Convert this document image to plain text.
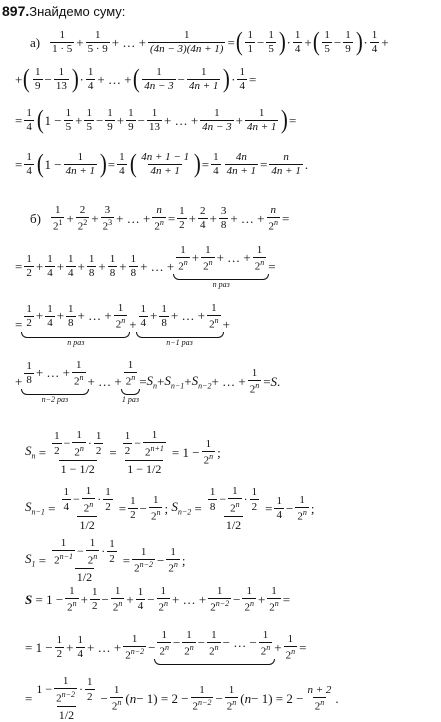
897. Знайдемо суму:
$а) \frac{1}{1 \cdot 5} + \frac{1}{5 \cdot 9}$ + … + $\frac{1}{(4n - 3)(4n + 1)}$ = ( $\frac{1}{1} - \frac{1}{5}$ ) · $\frac{1}{4}$ + ( $\frac{1}{5} - \frac{1}{9}$ ) · $\frac{1}{4}$ +
+ ( $\frac{1}{9} - \frac{1}{13}$ ) · $\frac{1}{4}$ + … + ( $\frac{1}{4n - 3} - \frac{1}{4n + 1}$ ) · $\frac{1}{4}$ =
= $\frac{1}{4}$ ( $1 - \frac{1}{5} + \frac{1}{5} - \frac{1}{9} + \frac{1}{9} - \frac{1}{13}$ + … + $\frac{1}{4n - 3} + \frac{1}{4n + 1}$ ) =
= $\frac{1}{4}$ ( $1 - \frac{1}{4n + 1}$ ) = $\frac{1}{4}$ ( $\frac{4n + 1 - 1}{4n + 1}$ ) = $\frac{1}{4} \frac{4n}{4n + 1} = \frac{n}{4n + 1}$ .
$б) \frac{1}{2^1} + \frac{2}{2^2} + \frac{3}{2^3}$ + … + $\frac{n}{2^n} = \frac{1}{2} + \frac{2}{4} + \frac{3}{8}$ + … + $\frac{n}{2^n}$ =
= $\frac{1}{2} + \frac{1}{4} + \frac{1}{4} + \frac{1}{8} + \frac{1}{8} + \frac{1}{8}$ + … + $\frac{1}{2^n} + \frac{1}{2^n}$ + … + $\frac{1}{2^n}$
n раз
=
= $\frac{1}{2} + \frac{1}{4} + \frac{1}{8}$ + … + $\frac{1}{2^n}$
n раз
+ $\frac{1}{4} + \frac{1}{8}$ + … + $\frac{1}{2^n}$
n−1 раз
+
+ $\frac{1}{8}$ + … + $\frac{1}{2^n}$
n−2 раз
+ … + $\frac{1}{2^n}$
1 раз
= $S_n + S_{n-1} + S_{n-2}$ + … + $\frac{1}{2^n} = S$ .
$S_n = \frac{\frac{1}{2} - \frac{1}{2^n} \cdot \frac{1}{2}}{1 - 1/2} = \frac{\frac{1}{2} - \frac{1}{2^{n+1}}}{1 - 1/2} = 1 - \frac{1}{2^n}$ ;
$S_{n-1} = \frac{\frac{1}{4} - \frac{1}{2^n} \cdot \frac{1}{2}}{1/2} = \frac{1}{2} - \frac{1}{2^n}$ ; $S_{n-2} = \frac{\frac{1}{8} - \frac{1}{2^n} \cdot \frac{1}{2}}{1/2} = \frac{1}{4} - \frac{1}{2^n}$ ;
$S_1 = \frac{\frac{1}{2^{n-1}} - \frac{1}{2^n} \cdot \frac{1}{2}}{1/2} = \frac{1}{2^{n-2}} - \frac{1}{2^n}$ ;
$S = 1 - \frac{1}{2^n} + \frac{1}{2} - \frac{1}{2^n} + \frac{1}{4} - \frac{1}{2^n}$ + … + $\frac{1}{2^{n-2}} - \frac{1}{2^n} + \frac{1}{2^n}$ =
= $1 - \frac{1}{2} + \frac{1}{4}$ + … + $\frac{1}{2^{n-2}} - \frac{1}{2^n} - \frac{1}{2^n} - \frac{1}{2^n}$ − … − $\frac{1}{2^n} + \frac{1}{2^n}$ =
= $\frac{1 - \frac{1}{2^{n-2}} \cdot \frac{1}{2}}{1/2} - \frac{1}{2^n}$ ( $n - 1) = 2 - \frac{1}{2^{n-2}} - \frac{1}{2^n}$ ( $n - 1) = 2 - \frac{n + 2}{2^n}$ .
